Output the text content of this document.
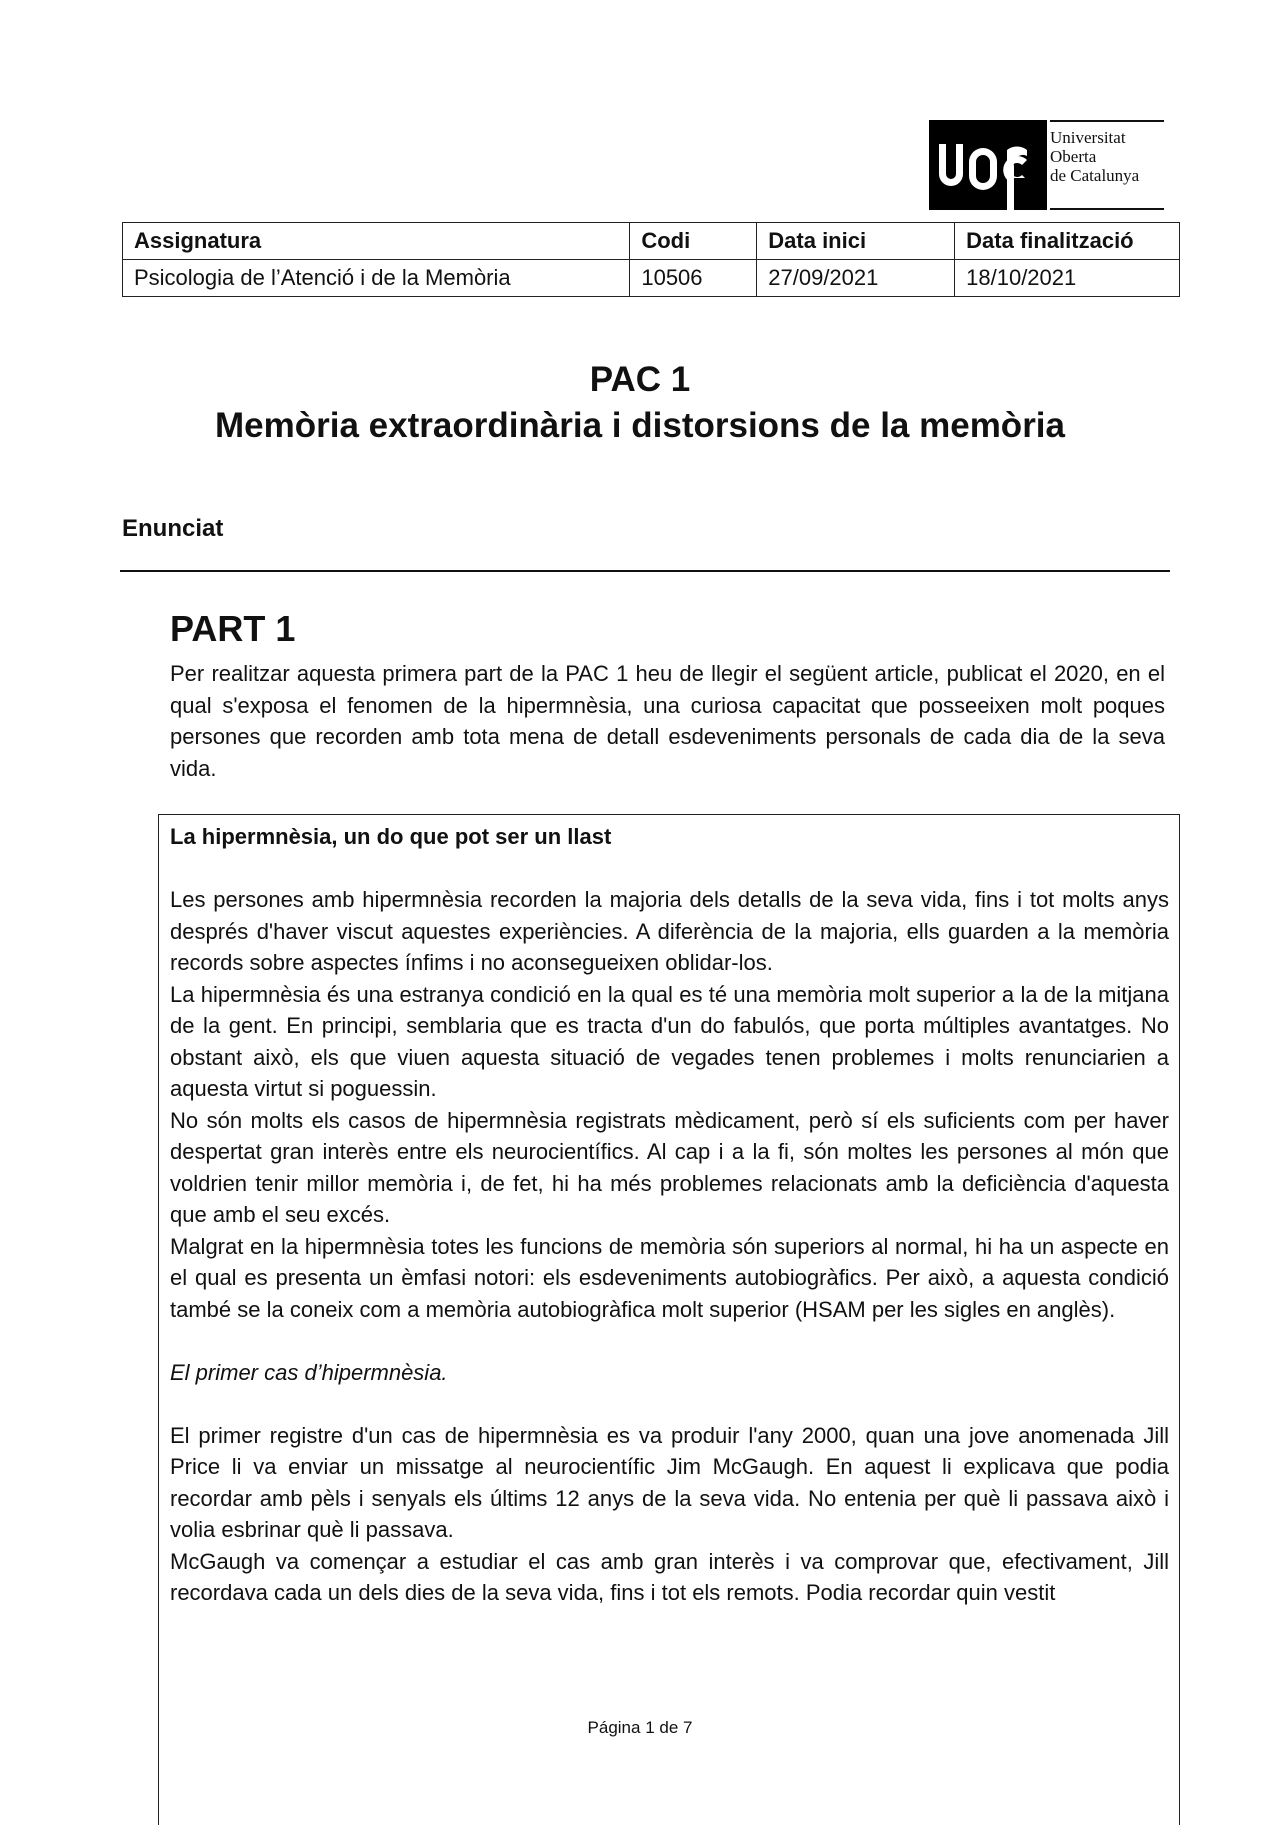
Universitat
Oberta
de Catalunya
Assignatura	Codi	Data inici	Data finalització
Psicologia de l’Atenció i de la Memòria	10506	27/09/2021	18/10/2021
PAC 1
Memòria extraordinària i distorsions de la memòria
Enunciat
PART 1

Per realitzar aquesta primera part de la PAC 1 heu de llegir el següent article, publicat el 2020, en el qual s'exposa el fenomen de la hipermnèsia, una curiosa capacitat que posseeixen molt poques persones que recorden amb tota mena de detall esdeveniments personals de cada dia de la seva vida.

La hipermnèsia, un do que pot ser un llast

Les persones amb hipermnèsia recorden la majoria dels detalls de la seva vida, fins i tot molts anys després d'haver viscut aquestes experiències. A diferència de la majoria, ells guarden a la memòria records sobre aspectes ínfims i no aconsegueixen oblidar-los.

La hipermnèsia és una estranya condició en la qual es té una memòria molt superior a la de la mitjana de la gent. En principi, semblaria que es tracta d'un do fabulós, que porta múltiples avantatges. No obstant això, els que viuen aquesta situació de vegades tenen problemes i molts renunciarien a aquesta virtut si poguessin.

No són molts els casos de hipermnèsia registrats mèdicament, però sí els suficients com per haver despertat gran interès entre els neurocientífics. Al cap i a la fi, són moltes les persones al món que voldrien tenir millor memòria i, de fet, hi ha més problemes relacionats amb la deficiència d'aquesta que amb el seu excés.

Malgrat en la hipermnèsia totes les funcions de memòria són superiors al normal, hi ha un aspecte en el qual es presenta un èmfasi notori: els esdeveniments autobiogràfics. Per això, a aquesta condició també se la coneix com a memòria autobiogràfica molt superior (HSAM per les sigles en anglès).

El primer cas d’hipermnèsia.

El primer registre d'un cas de hipermnèsia es va produir l'any 2000, quan una jove anomenada Jill Price li va enviar un missatge al neurocientífic Jim McGaugh. En aquest li explicava que podia recordar amb pèls i senyals els últims 12 anys de la seva vida. No entenia per què li passava això i volia esbrinar què li passava.

McGaugh va començar a estudiar el cas amb gran interès i va comprovar que, efectivament, Jill recordava cada un dels dies de la seva vida, fins i tot els remots. Podia recordar quin vestit

Página 1 de 7
